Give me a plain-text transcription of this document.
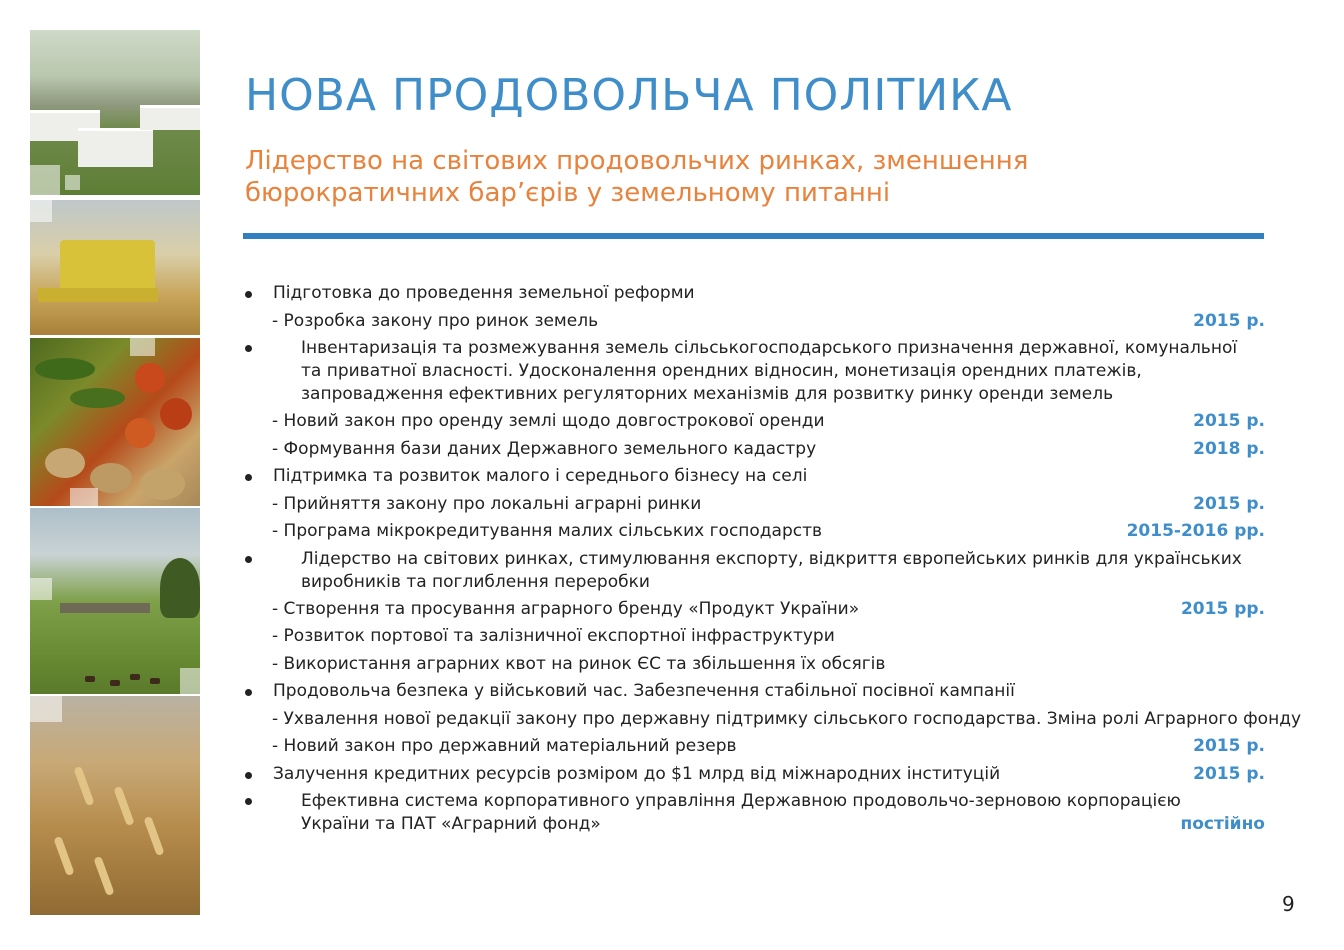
НОВА ПРОДОВОЛЬЧА ПОЛІТИКА

Лідерство на світових продовольчих ринках, зменшення бюрократичних бар’єрів у земельному питанні

Підготовка до проведення земельної реформи
- Розробка закону про ринок земель	2015 р.
Інвентаризація та розмежування земель сільськогосподарського призначення державної, комунальної та приватної власності. Удосконалення орендних відносин, монетизація орендних платежів, запровадження ефективних регуляторних механізмів для розвитку ринку оренди земель
- Новий закон про оренду землі щодо довгострокової оренди	2015 р.
- Формування бази даних Державного земельного кадастру	2018 р.
Підтримка та розвиток малого і середнього бізнесу на селі
- Прийняття закону про локальні аграрні ринки	2015 р.
- Програма мікрокредитування малих сільських господарств	2015-2016 рр.
Лідерство на світових ринках, стимулювання експорту, відкриття європейських ринків для українських виробників та поглиблення переробки
- Створення та просування аграрного бренду «Продукт України»	2015 рр.
- Розвиток портової та залізничної експортної інфраструктури
- Використання аграрних квот на ринок ЄС та збільшення їх обсягів
Продовольча безпека у військовий час. Забезпечення стабільної посівної кампанії
- Ухвалення нової редакції закону про державну підтримку сільського господарства. Зміна ролі Аграрного фонду
- Новий закон про державний матеріальний резерв	2015 р.
Залучення кредитних ресурсів розміром до $1 млрд від міжнародних інституцій	2015 р.
Ефективна система корпоративного управління Державною продовольчо-зерновою корпорацією України та ПАТ «Аграрний фонд»	постійно
9
